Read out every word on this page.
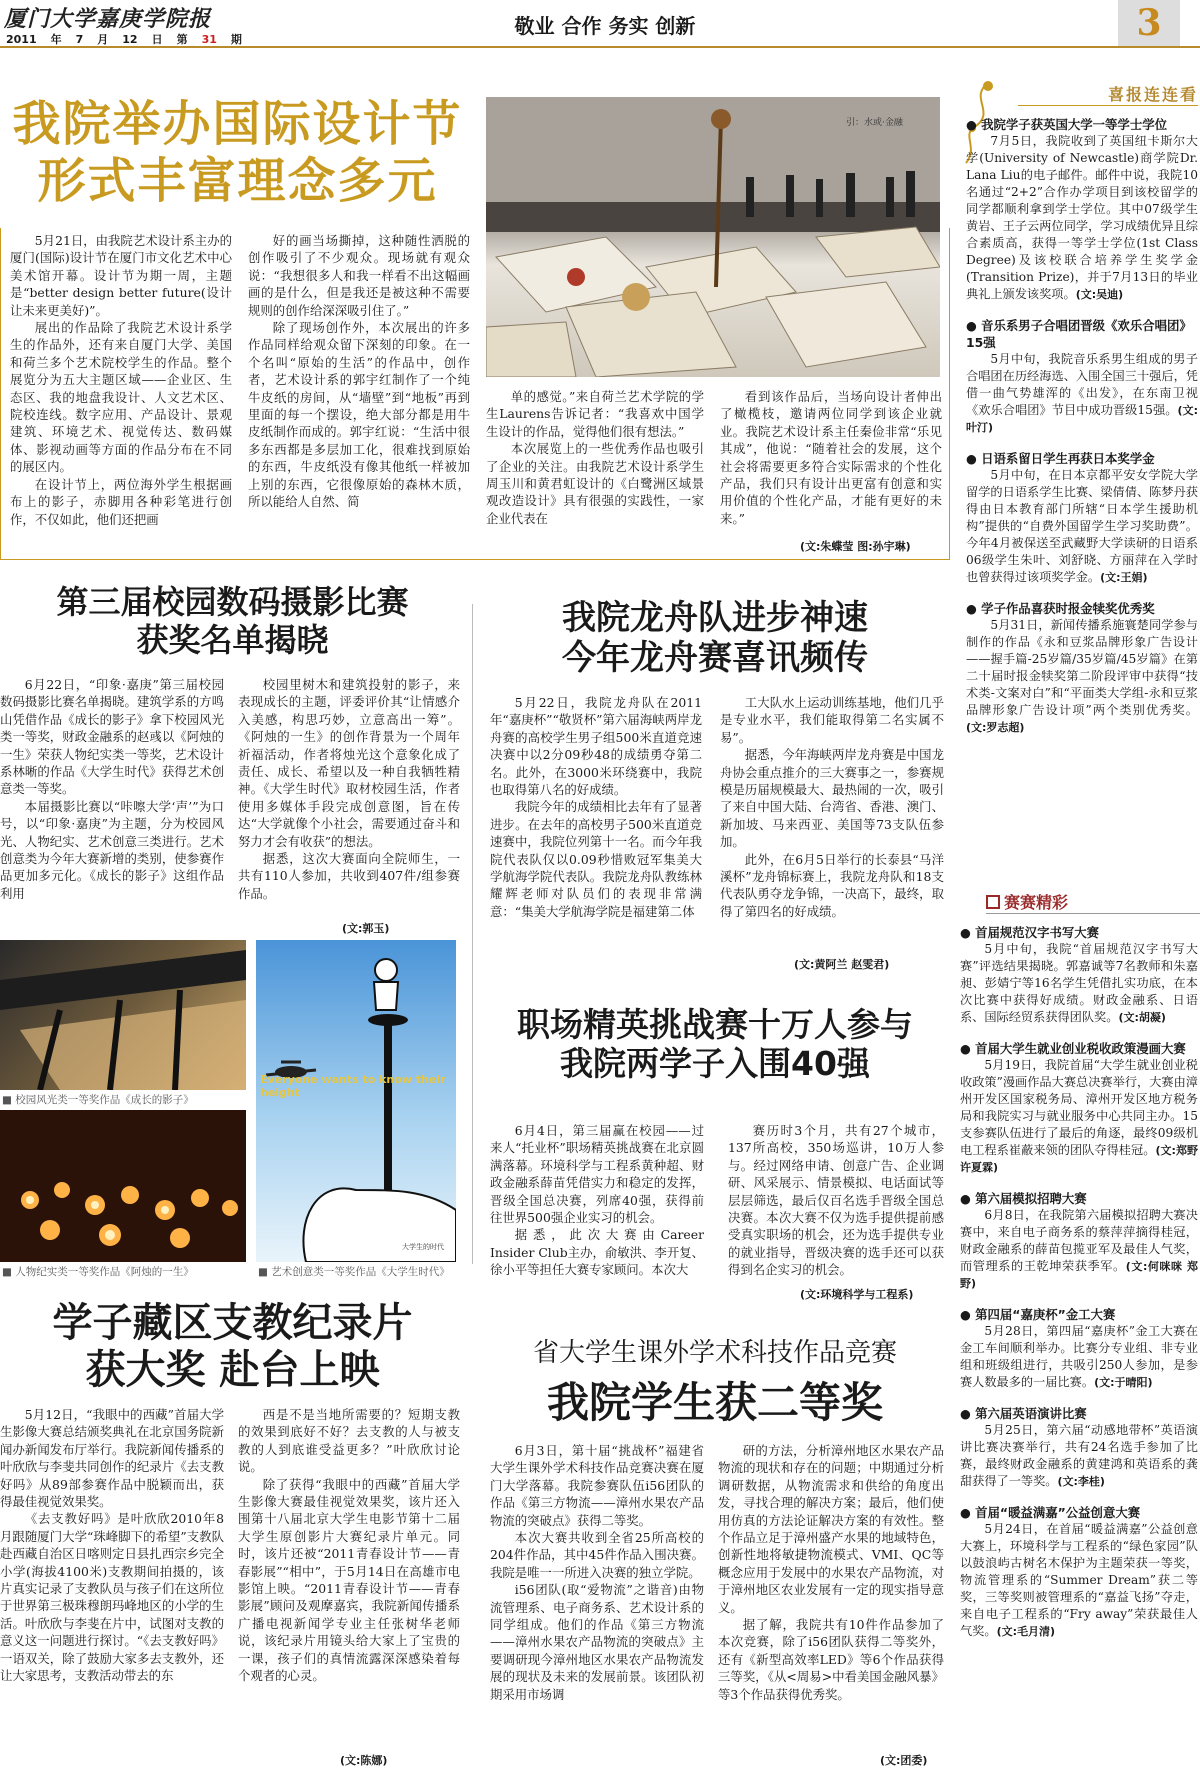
厦门大学嘉庚学院报
2011 年 7 月 12 日 第 31 期
敬业 合作 务实 创新	3
我院举办国际设计节
形式丰富理念多元

5月21日，由我院艺术设计系主办的厦门(国际)设计节在厦门市文化艺术中心美术馆开幕。设计节为期一周，主题是“better design better future(设计让未来更美好)”。

展出的作品除了我院艺术设计系学生的作品外，还有来自厦门大学、美国和荷兰多个艺术院校学生的作品。整个展览分为五大主题区域——企业区、生态区、我的地盘我设计、人文艺术区、院校连线。数字应用、产品设计、景观建筑、环境艺术、视觉传达、数码媒体、影视动画等方面的作品分布在不同的展区内。

在设计节上，两位海外学生根据画布上的影子，赤脚用各种彩笔进行创作，不仅如此，他们还把画

好的画当场撕掉，这种随性洒脱的创作吸引了不少观众。现场就有观众说：“我想很多人和我一样看不出这幅画画的是什么，但是我还是被这种不需要规则的创作给深深吸引住了。”

除了现场创作外，本次展出的许多作品同样给观众留下深刻的印象。在一个名叫“原始的生活”的作品中，创作者，艺术设计系的郭宇红制作了一个纯牛皮纸的房间，从“墙壁”到“地板”再到里面的每一个摆设，绝大部分都是用牛皮纸制作而成的。郭宇红说：“生活中很多东西都是多层加工化，很难找到原始的东西，牛皮纸没有像其他纸一样被加上别的东西，它很像原始的森林木质，所以能给人自然、简

引：水或·金融

单的感觉。”来自荷兰艺术学院的学生Laurens告诉记者：“我喜欢中国学生设计的作品，觉得他们很有想法。”

本次展览上的一些优秀作品也吸引了企业的关注。由我院艺术设计系学生周玉川和黄君虹设计的《白鹭洲区域景观改造设计》具有很强的实践性，一家企业代表在

看到该作品后，当场向设计者伸出了橄榄枝，邀请两位同学到该企业就业。我院艺术设计系主任秦俭非常“乐见其成”，他说：“随着社会的发展，这个社会将需要更多符合实际需求的个性化产品，我们只有设计出更富有创意和实用价值的个性化产品，才能有更好的未来。”

(文:朱蝶莹 图:孙宇琳)
喜报连连看
● 我院学子获英国大学一等学士学位
7月5日，我院收到了英国纽卡斯尔大学(University of Newcastle)商学院Dr. Lana Liu的电子邮件。邮件中说，我院10名通过“2+2”合作办学项目到该校留学的同学都顺利拿到学士学位。其中07级学生黄岩、王子云两位同学，学习成绩优异且综合素质高，获得一等学士学位(1st Class Degree)及该校联合培养学生奖学金(Transition Prize)，并于7月13日的毕业典礼上颁发该奖项。(文:吴迪)
● 音乐系男子合唱团晋级《欢乐合唱团》15强
5月中旬，我院音乐系男生组成的男子合唱团在历经海选、入围全国三十强后，凭借一曲气势雄浑的《出发》，在东南卫视《欢乐合唱团》节目中成功晋级15强。(文:叶汀)
● 日语系留日学生再获日本奖学金
5月中旬，在日本京都平安女学院大学留学的日语系学生比赛、梁倩倩、陈梦丹获得由日本教育部门所辖“日本学生援助机构”提供的“自费外国留学生学习奖助费”。今年4月被保送至武藏野大学读研的日语系06级学生朱叶、刘舒晓、方丽萍在入学时也曾获得过该项奖学金。(文:王娟)
● 学子作品喜获时报金犊奖优秀奖
5月31日，新闻传播系施寰楚同学参与制作的作品《永和豆浆品牌形象广告设计——握手篇-25岁篇/35岁篇/45岁篇》在第二十届时报金犊奖第二阶段评审中获得“技术类-文案对白”和“平面类大学组-永和豆浆品牌形象广告设计项”两个类别优秀奖。(文:罗志超)
赛赛精彩
● 首届规范汉字书写大赛
5月中旬，我院“首届规范汉字书写大赛”评选结果揭晓。郭嘉诚等7名教师和朱嘉昶、彭婧宁等16名学生凭借扎实功底，在本次比赛中获得好成绩。财政金融系、日语系、国际经贸系获得团队奖。(文:胡凝)
● 首届大学生就业创业税收政策漫画大赛
5月19日，我院首届“大学生就业创业税收政策”漫画作品大赛总决赛举行，大赛由漳州开发区国家税务局、漳州开发区地方税务局和我院实习与就业服务中心共同主办。15支参赛队伍进行了最后的角逐，最终09级机电工程系崔蔽来领的团队夺得桂冠。(文:郑野 许夏霖)
● 第六届模拟招聘大赛
6月8日，在我院第六届模拟招聘大赛决赛中，来自电子商务系的蔡萍萍摘得桂冠，财政金融系的薛苗包揽亚军及最佳人气奖，而管理系的王乾坤荣获季军。(文:何咪咪 郑野)
● 第四届“嘉庚杯”金工大赛
5月28日，第四届“嘉庚杯”金工大赛在金工车间顺利举办。比赛分专业组、非专业组和班级组进行，共吸引250人参加，是参赛人数最多的一届比赛。(文:于晴阳)
● 第六届英语演讲比赛
5月25日，第六届“动感地带杯”英语演讲比赛决赛举行，共有24名选手参加了比赛，最终财政金融系的黄建鸿和英语系的龚甜获得了一等奖。(文:李桂)
● 首届“暖益满嘉”公益创意大赛
5月24日，在首届“暖益满嘉”公益创意大赛上，环境科学与工程系的“绿色家园”队以鼓浪屿古树名木保护为主题荣获一等奖，物流管理系的“Summer Dream”获二等奖，三等奖则被管理系的“嘉益飞扬”夺走，来自电子工程系的“Fry away”荣获最佳人气奖。(文:毛月清)
第三届校园数码摄影比赛
获奖名单揭晓

6月22日，“印象·嘉庚”第三届校园数码摄影比赛名单揭晓。建筑学系的方鸣山凭借作品《成长的影子》拿下校园风光类一等奖，财政金融系的赵彧以《阿烛的一生》荣获人物纪实类一等奖，艺术设计系林晰的作品《大学生时代》获得艺术创意类一等奖。

本届摄影比赛以“咔嚓大学‘声’”为口号，以“印象·嘉庚”为主题，分为校园风光、人物纪实、艺术创意三类进行。艺术创意类为今年大赛新增的类别，使参赛作品更加多元化。《成长的影子》这组作品利用

校园里树木和建筑投射的影子，来表现成长的主题，评委评价其“让情感介入美感，构思巧妙，立意高出一筹”。《阿烛的一生》的创作背景为一个周年祈福活动，作者将烛光这个意象化成了责任、成长、希望以及一种自我牺牲精神。《大学生时代》取材校园生活，作者使用多媒体手段完成创意图，旨在传达“大学就像个小社会，需要通过奋斗和努力才会有收获”的想法。

据悉，这次大赛面向全院师生，一共有110人参加，共收到407件/组参赛作品。

(文:郭玉)
■ 校园风光类一等奖作品《成长的影子》
■ 人物纪实类一等奖作品《阿烛的一生》
Everyone wants to know their height
大学生的时代
■ 艺术创意类一等奖作品《大学生时代》
我院龙舟队进步神速
今年龙舟赛喜讯频传

5月22日，我院龙舟队在2011年“嘉庚杯”“敬贤杯”第六届海峡两岸龙舟赛的高校学生男子组500米直道竞速决赛中以2分09秒48的成绩勇夺第二名。此外，在3000米环绕赛中，我院也取得第八名的好成绩。

我院今年的成绩相比去年有了显著进步。在去年的高校男子500米直道竞速赛中，我院位列第十一名。而今年我院代表队仅以0.09秒惜败冠军集美大学航海学院代表队。我院龙舟队教练林耀辉老师对队员们的表现非常满意：“集美大学航海学院是福建第二体

工大队水上运动训练基地，他们几乎是专业水平，我们能取得第二名实属不易”。

据悉，今年海峡两岸龙舟赛是中国龙舟协会重点推介的三大赛事之一，参赛规模是历届规模最大、最热闹的一次，吸引了来自中国大陆、台湾省、香港、澳门、新加坡、马来西亚、美国等73支队伍参加。

此外，在6月5日举行的长泰县“马洋溪杯”龙舟锦标赛上，我院龙舟队和18支代表队勇夺龙争锦，一决高下，最终，取得了第四名的好成绩。

(文:黄阿兰 赵雯君)
职场精英挑战赛十万人参与
我院两学子入围40强

6月4日，第三届赢在校园——过来人“托业杯”职场精英挑战赛在北京圆满落幕。环境科学与工程系黄种超、财政金融系薛苗凭借实力和稳定的发挥，晋级全国总决赛，列席40强，获得前往世界500强企业实习的机会。

据悉，此次大赛由Career Insider Club主办，俞敏洪、李开复、徐小平等担任大赛专家顾问。本次大

赛历时3个月，共有27个城市，137所高校，350场巡讲，10万人参与。经过网络申请、创意广告、企业调研、风采展示、情景模拟、电话面试等层层筛选，最后仅百名选手晋级全国总决赛。本次大赛不仅为选手提供提前感受真实职场的机会，还为选手提供专业的就业指导，晋级决赛的选手还可以获得到名企实习的机会。

(文:环境科学与工程系)
学子藏区支教纪录片
获大奖 赴台上映

5月12日，“我眼中的西藏”首届大学生影像大赛总结颁奖典礼在北京国务院新闻办新闻发布厅举行。我院新闻传播系的叶欣欣与李斐共同创作的纪录片《去支教好吗》从89部参赛作品中脱颖而出，获得最佳视觉效果奖。

《去支教好吗》是叶欣欣2010年8月跟随厦门大学“珠峰脚下的希望”支教队赴西藏自治区日喀则定日县扎西宗乡完全小学(海拔4100米)支教期间拍摄的，该片真实记录了支教队员与孩子们在这所位于世界第三极珠穆朗玛峰地区的小学的生活。叶欣欣与李斐在片中，试图对支教的意义这一问题进行探讨。“《去支教好吗》一语双关，除了鼓励大家多去支教外，还让大家思考，支教活动带去的东

西是不是当地所需要的？短期支教的效果到底好不好？去支教的人与被支教的人到底谁受益更多？”叶欣欣讨论说。

除了获得“我眼中的西藏”首届大学生影像大赛最佳视觉效果奖，该片还入围第十八届北京大学生电影节第十二届大学生原创影片大赛纪录片单元。同时，该片还被“2011青春设计节——青春影展”“相中”，于5月14日在高雄市电影馆上映。“2011青春设计节——青春影展”顾问及观摩嘉宾，我院新闻传播系广播电视新闻学专业主任张树华老师说，该纪录片用镜头给大家上了宝贵的一课，孩子们的真情流露深深感染着每个观者的心灵。

(文:陈娜)
省大学生课外学术科技作品竞赛
我院学生获二等奖

6月3日，第十届“挑战杯”福建省大学生课外学术科技作品竞赛决赛在厦门大学落幕。我院参赛队伍i56团队的作品《第三方物流——漳州水果农产品物流的突破点》获得二等奖。

本次大赛共收到全省25所高校的204件作品，其中45件作品入围决赛。我院是唯一一所进入决赛的独立学院。

i56团队(取“爱物流”之谐音)由物流管理系、电子商务系、艺术设计系的同学组成。他们的作品《第三方物流——漳州水果农产品物流的突破点》主要调研现今漳州地区水果农产品物流发展的现状及未来的发展前景。该团队初期采用市场调

研的方法，分析漳州地区水果农产品物流的现状和存在的问题；中期通过分析调研数据，从物流需求和供给的角度出发，寻找合理的解决方案；最后，他们使用仿真的方法论证解决方案的有效性。整个作品立足于漳州盛产水果的地域特色，创新性地将敏捷物流模式、VMI、QC等概念应用于发展中的水果农产品物流，对于漳州地区农业发展有一定的现实指导意义。

据了解，我院共有10件作品参加了本次竞赛，除了i56团队获得二等奖外，还有《新型高效率LED》等6个作品获得三等奖，《从<周易>中看美国金融风暴》等3个作品获得优秀奖。

(文:团委)
